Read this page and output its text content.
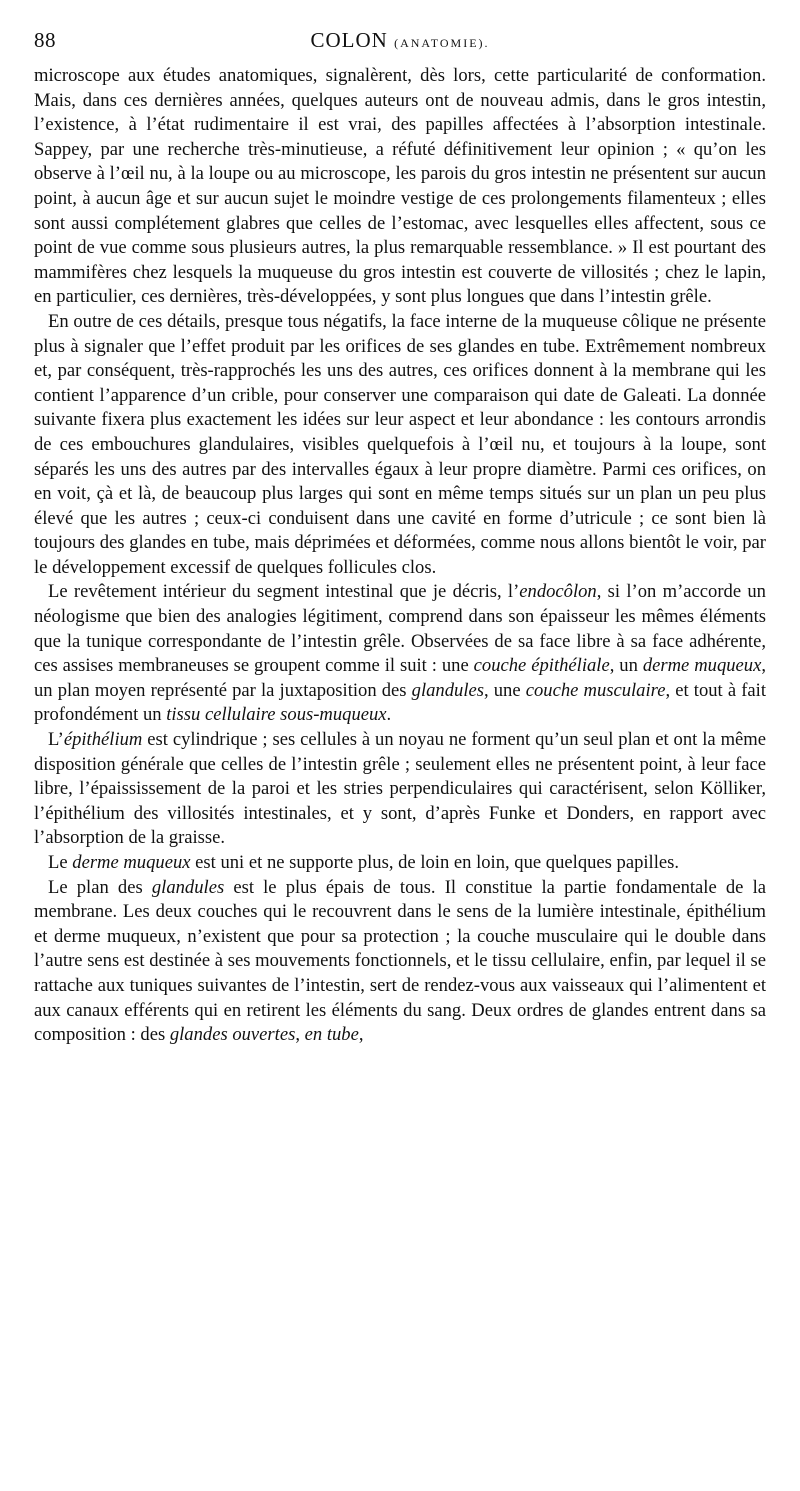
88	COLON (ANATOMIE).

microscope aux études anatomiques, signalèrent, dès lors, cette particularité de conformation. Mais, dans ces dernières années, quelques auteurs ont de nouveau admis, dans le gros intestin, l’existence, à l’état rudimentaire il est vrai, des papilles affectées à l’absorption intestinale. Sappey, par une recherche très-minutieuse, a réfuté définitivement leur opinion ; « qu’on les observe à l’œil nu, à la loupe ou au microscope, les parois du gros intestin ne présentent sur aucun point, à aucun âge et sur aucun sujet le moindre vestige de ces prolongements filamenteux ; elles sont aussi complétement glabres que celles de l’estomac, avec lesquelles elles affectent, sous ce point de vue comme sous plusieurs autres, la plus remarquable ressemblance. » Il est pourtant des mammifères chez lesquels la muqueuse du gros intestin est couverte de villosités ; chez le lapin, en particulier, ces dernières, très-développées, y sont plus longues que dans l’intestin grêle.

En outre de ces détails, presque tous négatifs, la face interne de la muqueuse côlique ne présente plus à signaler que l’effet produit par les orifices de ses glandes en tube. Extrêmement nombreux et, par conséquent, très-rapprochés les uns des autres, ces orifices donnent à la membrane qui les contient l’apparence d’un crible, pour conserver une comparaison qui date de Galeati. La donnée suivante fixera plus exactement les idées sur leur aspect et leur abondance : les contours arrondis de ces embouchures glandulaires, visibles quelquefois à l’œil nu, et toujours à la loupe, sont séparés les uns des autres par des intervalles égaux à leur propre diamètre. Parmi ces orifices, on en voit, çà et là, de beaucoup plus larges qui sont en même temps situés sur un plan un peu plus élevé que les autres ; ceux-ci conduisent dans une cavité en forme d’utricule ; ce sont bien là toujours des glandes en tube, mais déprimées et déformées, comme nous allons bientôt le voir, par le développement excessif de quelques follicules clos.

Le revêtement intérieur du segment intestinal que je décris, l’endocôlon, si l’on m’accorde un néologisme que bien des analogies légitiment, comprend dans son épaisseur les mêmes éléments que la tunique correspondante de l’intestin grêle. Observées de sa face libre à sa face adhérente, ces assises membraneuses se groupent comme il suit : une couche épithéliale, un derme muqueux, un plan moyen représenté par la juxtaposition des glandules, une couche musculaire, et tout à fait profondément un tissu cellulaire sous-muqueux.

L’épithélium est cylindrique ; ses cellules à un noyau ne forment qu’un seul plan et ont la même disposition générale que celles de l’intestin grêle ; seulement elles ne présentent point, à leur face libre, l’épaississement de la paroi et les stries perpendiculaires qui caractérisent, selon Kölliker, l’épithélium des villosités intestinales, et y sont, d’après Funke et Donders, en rapport avec l’absorption de la graisse.

Le derme muqueux est uni et ne supporte plus, de loin en loin, que quelques papilles.

Le plan des glandules est le plus épais de tous. Il constitue la partie fondamentale de la membrane. Les deux couches qui le recouvrent dans le sens de la lumière intestinale, épithélium et derme muqueux, n’existent que pour sa protection ; la couche musculaire qui le double dans l’autre sens est destinée à ses mouvements fonctionnels, et le tissu cellulaire, enfin, par lequel il se rattache aux tuniques suivantes de l’intestin, sert de rendez-vous aux vaisseaux qui l’alimentent et aux canaux efférents qui en retirent les éléments du sang. Deux ordres de glandes entrent dans sa composition : des glandes ouvertes, en tube,
